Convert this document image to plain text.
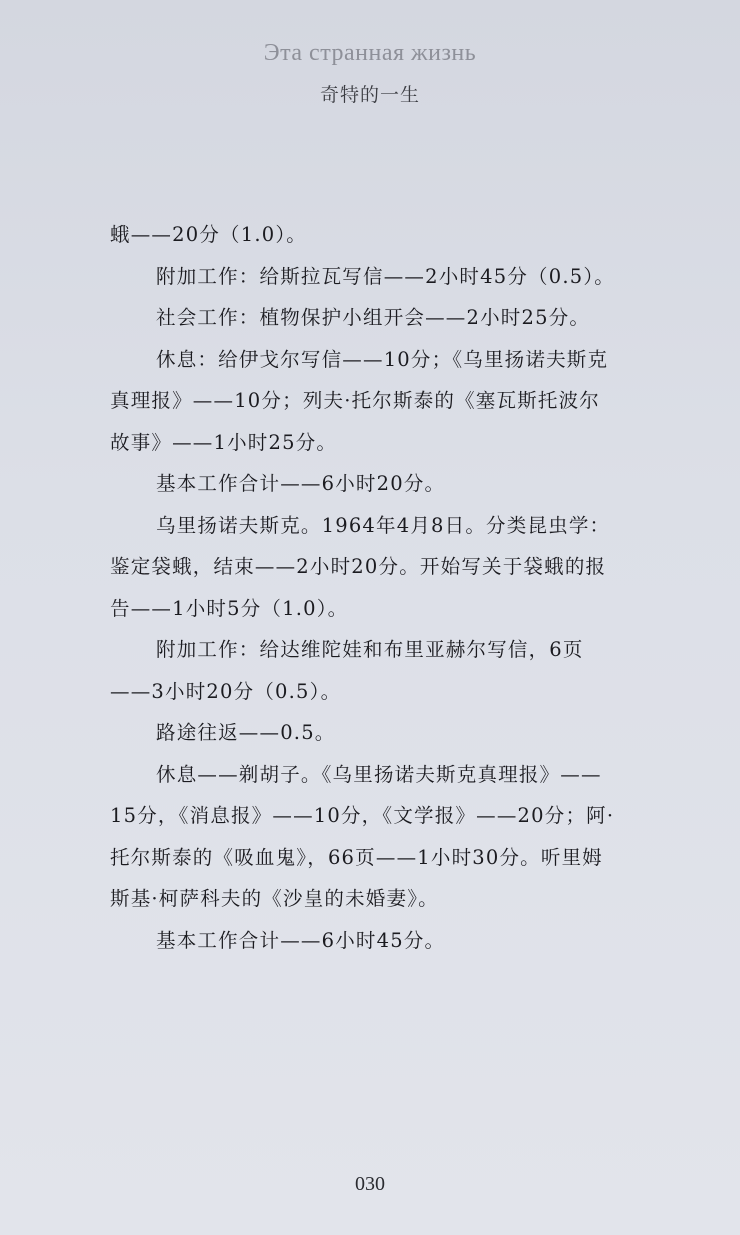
Эта странная жизнь
奇特的一生

蛾——20分（1.0）。

附加工作：给斯拉瓦写信——2小时45分（0.5）。

社会工作：植物保护小组开会——2小时25分。

休息：给伊戈尔写信——10分；《乌里扬诺夫斯克真理报》——10分；列夫·托尔斯泰的《塞瓦斯托波尔故事》——1小时25分。

基本工作合计——6小时20分。

乌里扬诺夫斯克。1964年4月8日。分类昆虫学：鉴定袋蛾，结束——2小时20分。开始写关于袋蛾的报告——1小时5分（1.0）。

附加工作：给达维陀娃和布里亚赫尔写信，6页——3小时20分（0.5）。

路途往返——0.5。

休息——剃胡子。《乌里扬诺夫斯克真理报》——15分，《消息报》——10分，《文学报》——20分；阿·托尔斯泰的《吸血鬼》，66页——1小时30分。听里姆斯基·柯萨科夫的《沙皇的未婚妻》。

基本工作合计——6小时45分。

030
